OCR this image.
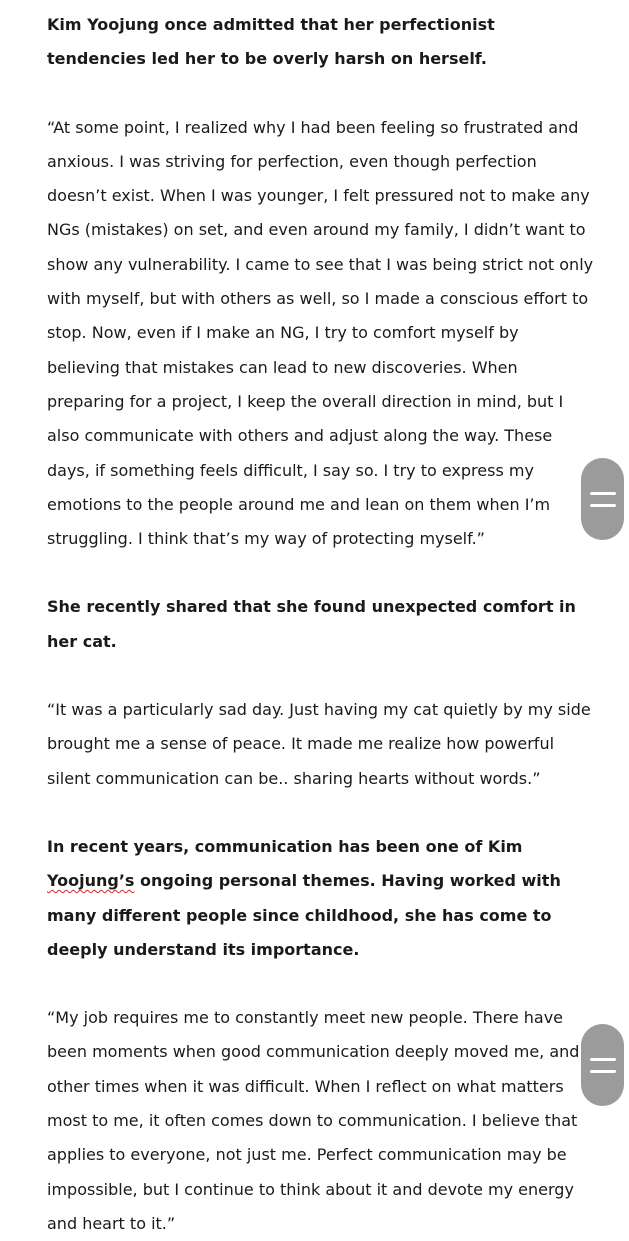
Kim Yoojung once admitted that her perfectionist tendencies led her to be overly harsh on herself.

“At some point, I realized why I had been feeling so frustrated and anxious. I was striving for perfection, even though perfection doesn’t exist. When I was younger, I felt pressured not to make any NGs (mistakes) on set, and even around my family, I didn’t want to show any vulnerability. I came to see that I was being strict not only with myself, but with others as well, so I made a conscious effort to stop. Now, even if I make an NG, I try to comfort myself by believing that mistakes can lead to new discoveries. When preparing for a project, I keep the overall direction in mind, but I also communicate with others and adjust along the way. These days, if something feels difficult, I say so. I try to express my emotions to the people around me and lean on them when I’m struggling. I think that’s my way of protecting myself.”

She recently shared that she found unexpected comfort in her cat.

“It was a particularly sad day. Just having my cat quietly by my side brought me a sense of peace. It made me realize how powerful silent communication can be.. sharing hearts without words.”

In recent years, communication has been one of Kim Yoojung’s ongoing personal themes. Having worked with many different people since childhood, she has come to deeply understand its importance.

“My job requires me to constantly meet new people. There have been moments when good communication deeply moved me, and other times when it was difficult. When I reflect on what matters most to me, it often comes down to communication. I believe that applies to everyone, not just me. Perfect communication may be impossible, but I continue to think about it and devote my energy and heart to it.”
